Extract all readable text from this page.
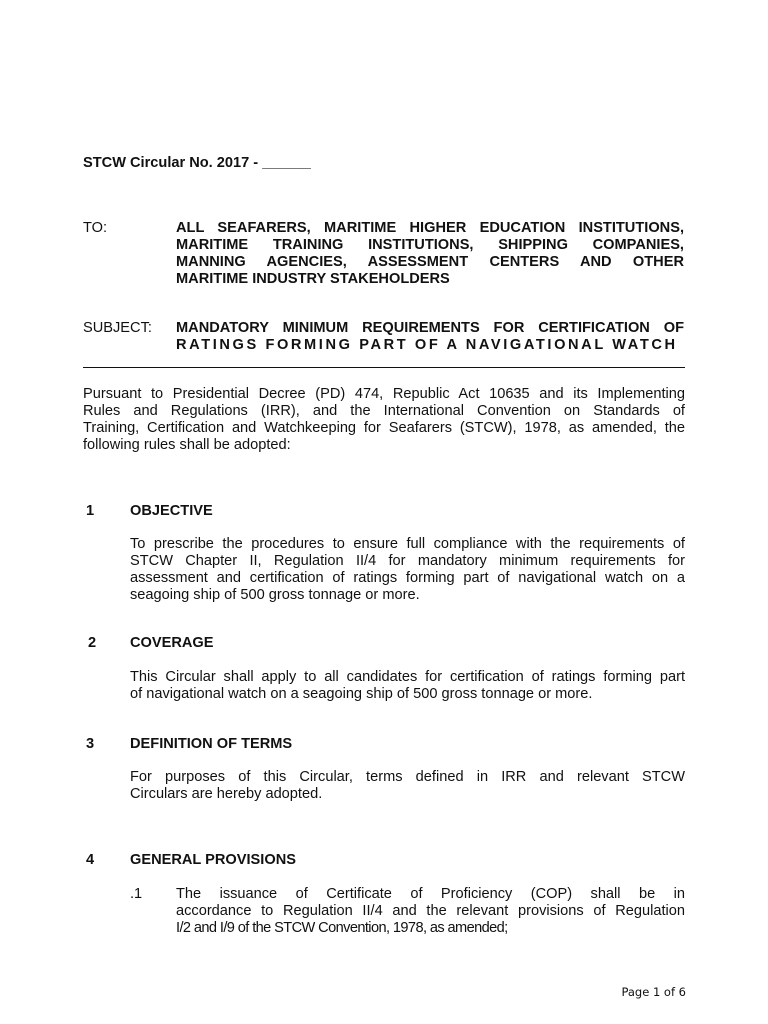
STCW Circular No. 2017 - ______
TO:	ALL SEAFARERS, MARITIME HIGHER EDUCATION INSTITUTIONS,
MARITIME TRAINING INSTITUTIONS, SHIPPING COMPANIES,
MANNING AGENCIES, ASSESSMENT CENTERS AND OTHER
MARITIME INDUSTRY STAKEHOLDERS
SUBJECT: MANDATORY MINIMUM REQUIREMENTS FOR CERTIFICATION OF
RATINGS FORMING PART OF A NAVIGATIONAL WATCH
Pursuant to Presidential Decree (PD) 474, Republic Act 10635 and its Implementing
Rules and Regulations (IRR), and the International Convention on Standards of
Training, Certification and Watchkeeping for Seafarers (STCW), 1978, as amended, the
following rules shall be adopted:
1 OBJECTIVE
To prescribe the procedures to ensure full compliance with the requirements of
STCW Chapter II, Regulation II/4 for mandatory minimum requirements for
assessment and certification of ratings forming part of navigational watch on a
seagoing ship of 500 gross tonnage or more.
2 COVERAGE
This Circular shall apply to all candidates for certification of ratings forming part
of navigational watch on a seagoing ship of 500 gross tonnage or more.
3 DEFINITION OF TERMS
For purposes of this Circular, terms defined in IRR and relevant STCW
Circulars are hereby adopted.
4 GENERAL PROVISIONS
.1 The issuance of Certificate of Proficiency (COP) shall be in
accordance to Regulation II/4 and the relevant provisions of Regulation
I/2 and I/9 of the STCW Convention, 1978, as amended;
Page 1 of 6
